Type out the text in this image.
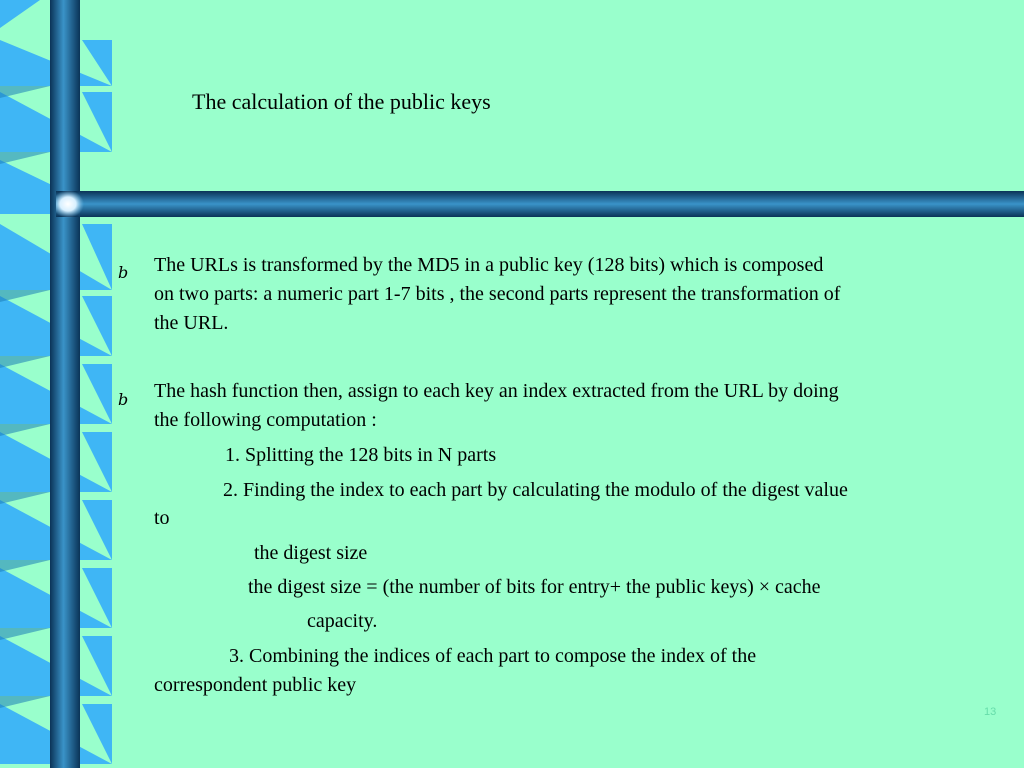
The calculation of the public keys
b The URLs is transformed by the MD5 in a public key (128 bits) which is composed
on two parts: a numeric part 1-7 bits , the second parts represent the transformation of
the URL.
b The hash function then, assign to each key an index extracted from the URL by doing
the following computation :
1. Splitting the 128 bits in N parts
2. Finding the index to each part by calculating the modulo of the digest value
to
the digest size
the digest size = (the number of bits for entry+ the public keys) × cache
capacity.
3. Combining the indices of each part to compose the index of the
correspondent public key
13
